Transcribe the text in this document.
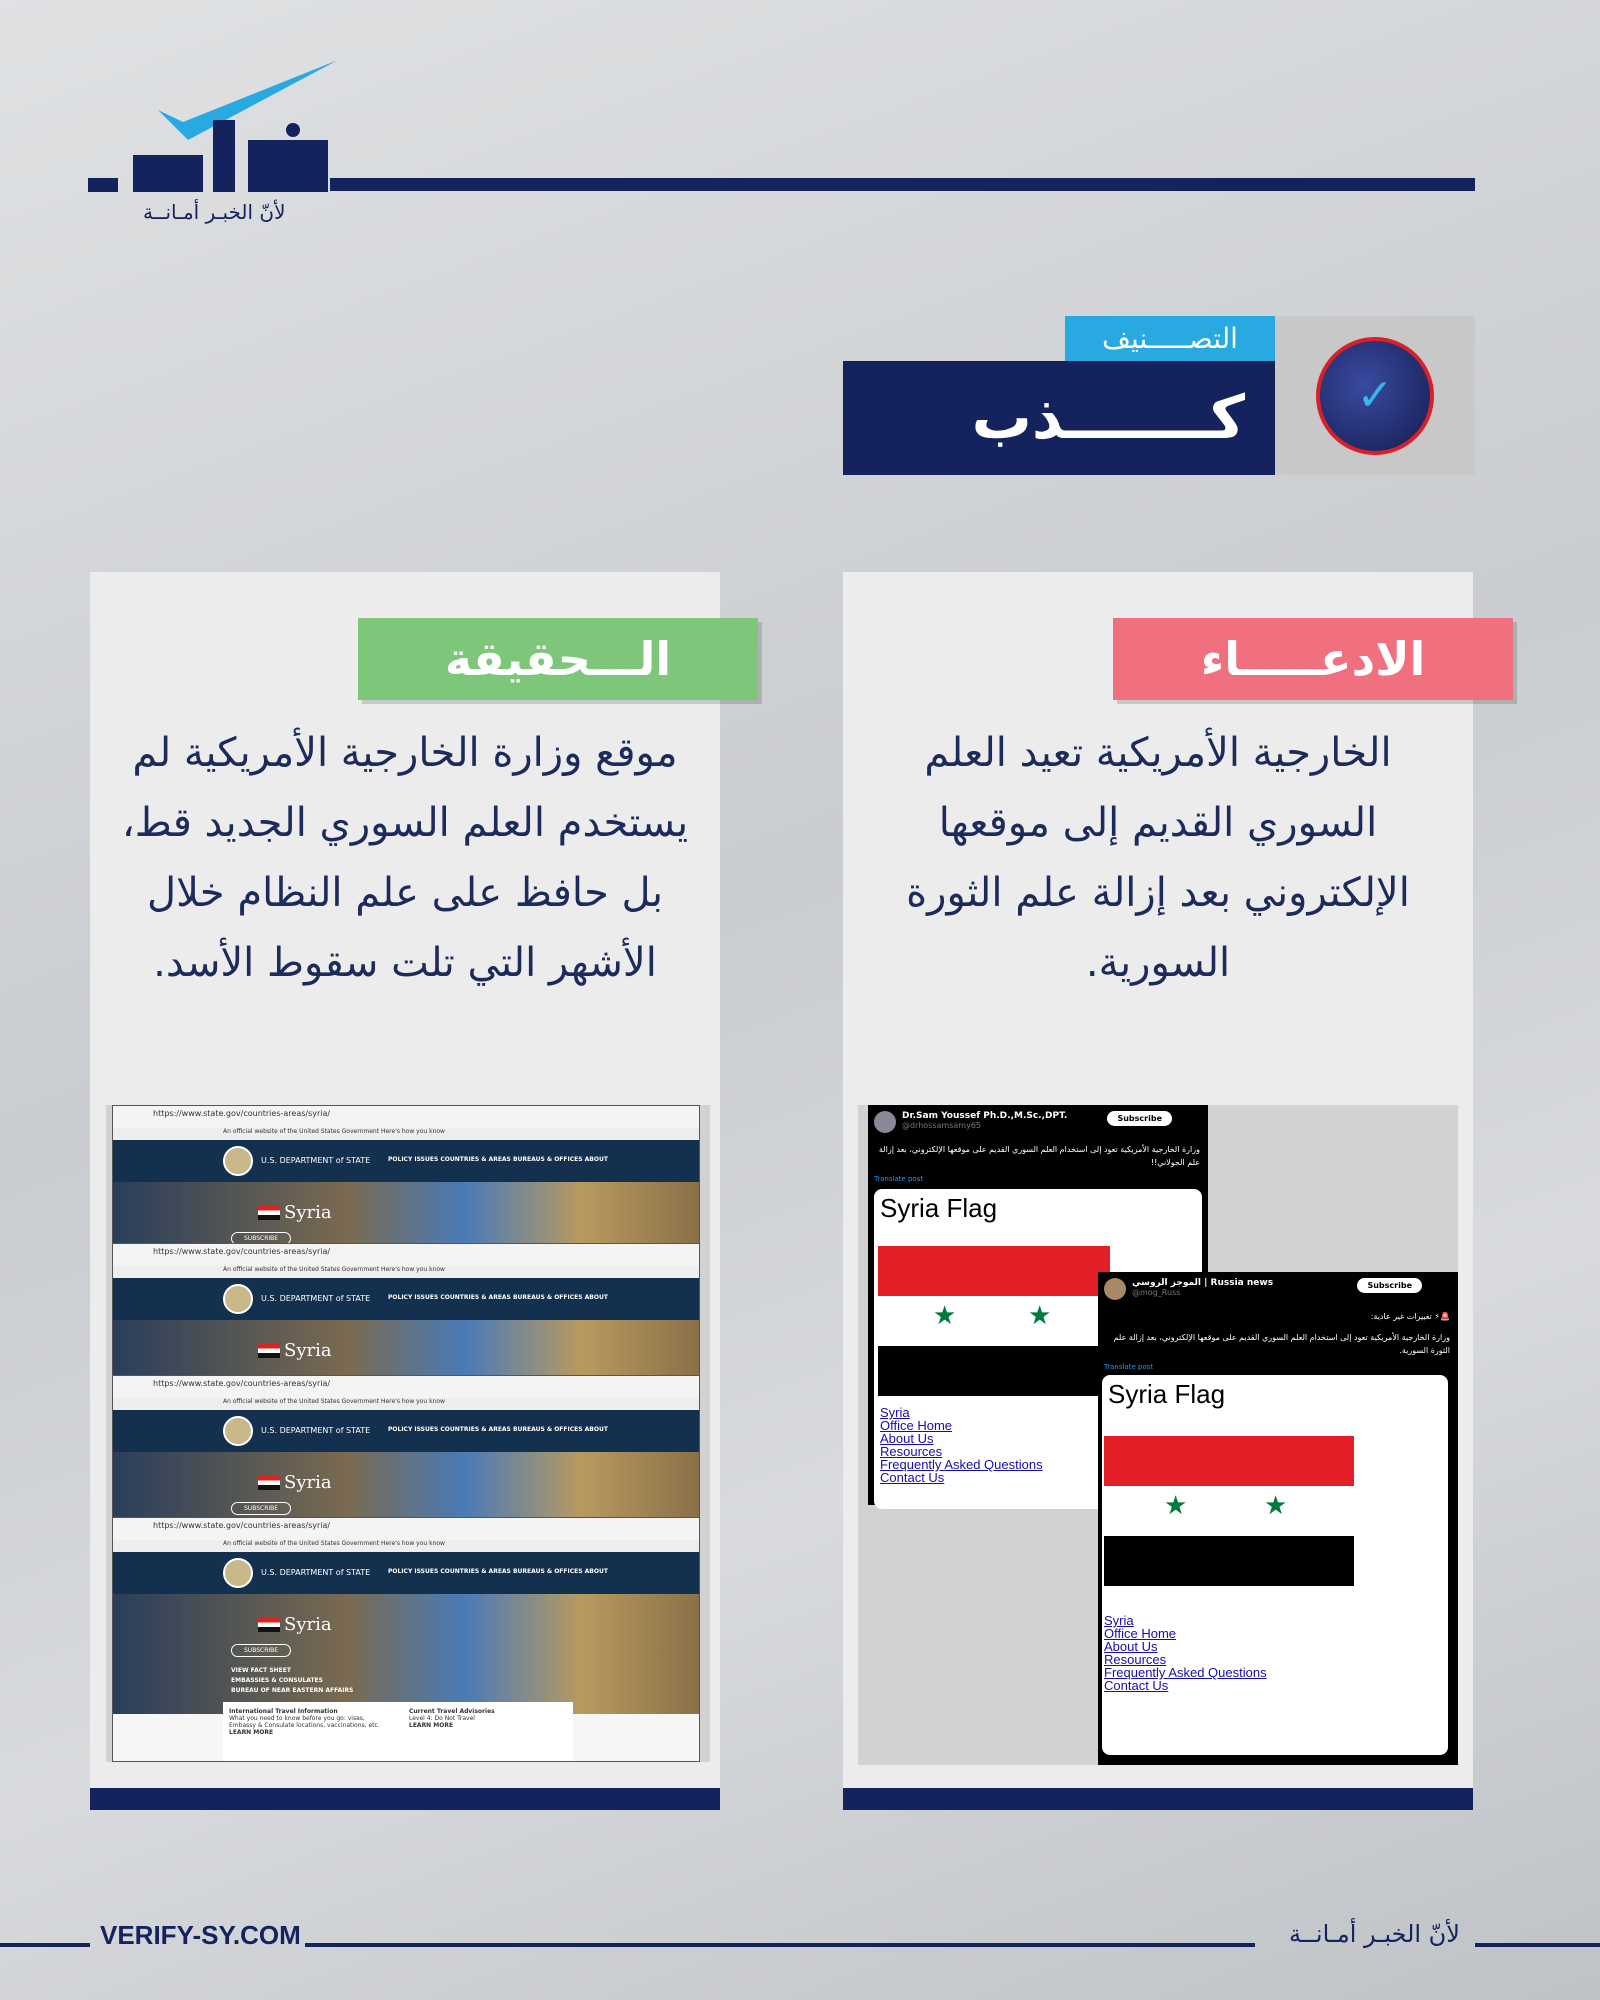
لأنّ الخبـر أمـانــة
✓
التصـــــنيف
كـــــــذب
الـــحقيقة
موقع وزارة الخارجية الأمريكية لم يستخدم العلم السوري الجديد قط، بل حافظ على علم النظام خلال الأشهر التي تلت سقوط الأسد.
https://www.state.gov/countries-areas/syria/
An official website of the United States Government Here's how you know
U.S. DEPARTMENT of STATE	POLICY ISSUES COUNTRIES & AREAS BUREAUS & OFFICES ABOUT
Syria
SUBSCRIBE
https://www.state.gov/countries-areas/syria/
An official website of the United States Government Here's how you know
U.S. DEPARTMENT of STATE	POLICY ISSUES COUNTRIES & AREAS BUREAUS & OFFICES ABOUT
Syria
https://www.state.gov/countries-areas/syria/
An official website of the United States Government Here's how you know
U.S. DEPARTMENT of STATE	POLICY ISSUES COUNTRIES & AREAS BUREAUS & OFFICES ABOUT
Syria
SUBSCRIBE
https://www.state.gov/countries-areas/syria/
An official website of the United States Government Here's how you know
U.S. DEPARTMENT of STATE	POLICY ISSUES COUNTRIES & AREAS BUREAUS & OFFICES ABOUT
Syria
SUBSCRIBE
VIEW FACT SHEET
EMBASSIES & CONSULATES
BUREAU OF NEAR EASTERN AFFAIRS
International Travel Information
What you need to know before you go: visas, Embassy & Consulate locations, vaccinations, etc.
LEARN MORE
Current Travel Advisories
Level 4: Do Not Travel
LEARN MORE
الادعـــــاء
الخارجية الأمريكية تعيد العلم السوري القديم إلى موقعها الإلكتروني بعد إزالة علم الثورة السورية.
Dr.Sam Youssef Ph.D.,M.Sc.,DPT.
@drhossamsamy65
Subscribe
وزارة الخارجية الأمريكية تعود إلى استخدام العلم السوري القديم على موقعها الإلكتروني، بعد إزالة علم الجولاني!!
Translate post
Syria Flag
★	★
Syria
Office Home
About Us
Resources
Frequently Asked Questions
Contact Us
الموجز الروسي | Russia news
@mog_Russ
Subscribe
🚨⚡ تغييرات غير عادية:
وزارة الخارجية الأمريكية تعود إلى استخدام العلم السوري القديم على موقعها الإلكتروني، بعد إزالة علم الثورة السورية.
Translate post
Syria Flag
★	★
Syria
Office Home
About Us
Resources
Frequently Asked Questions
Contact Us
VERIFY-SY.COM	لأنّ الخبـر أمـانــة
